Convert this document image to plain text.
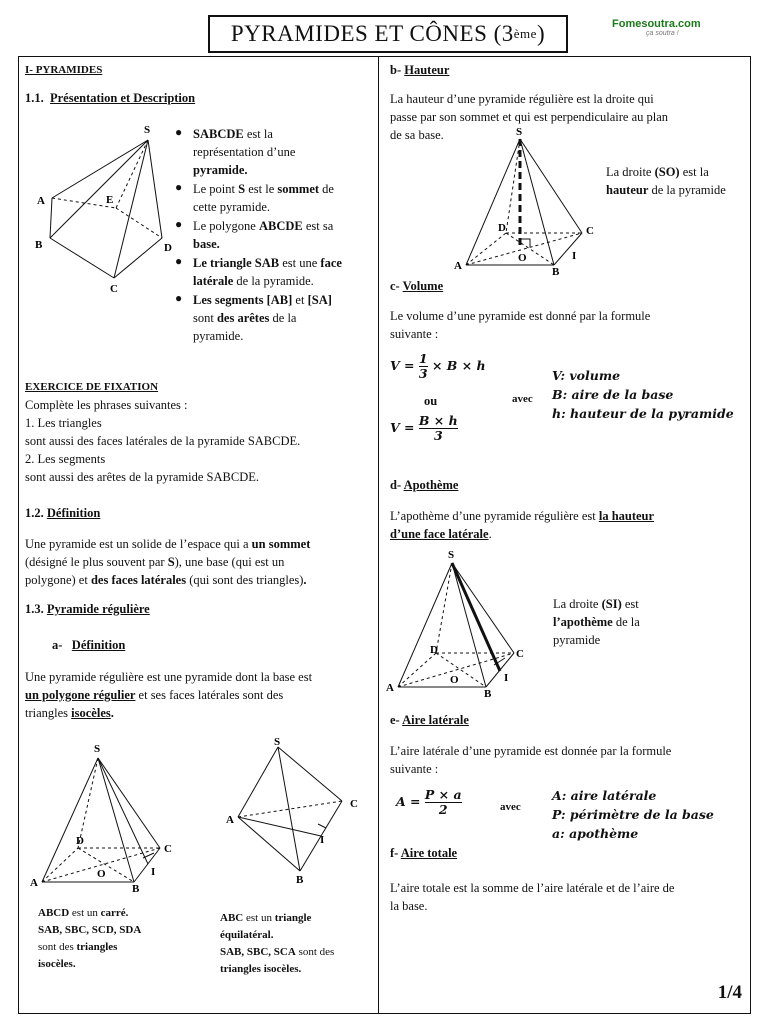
PYRAMIDES ET CÔNES (3 ème )	Fomesoutra.com
ça soutra !
I- PYRAMIDES
1.1. Présentation et Description
S
A
B
C
D
E
● SABCDE est la
représentation d’une
pyramide.
● Le point S est le sommet de
cette pyramide.
● Le polygone ABCDE est sa
base.
● Le triangle SAB est une face
latérale de la pyramide.
● Les segments [AB] et [SA]
sont des arêtes de la
pyramide.
EXERCICE DE FIXATION
Complète les phrases suivantes :
1. Les triangles
sont aussi des faces latérales de la pyramide SABCDE.
2. Les segments
sont aussi des arêtes de la pyramide SABCDE.
1.2. Définition
Une pyramide est un solide de l’espace qui a un sommet
(désigné le plus souvent par S), une base (qui est un
polygone) et des faces latérales (qui sont des triangles).
1.3. Pyramide régulière
a- Définition
Une pyramide régulière est une pyramide dont la base est
un polygone régulier et ses faces latérales sont des
triangles isocèles.
S
A	B
C
D
O	I
S
A
B
C
I
ABCD est un carré.
SAB, SBC, SCD, SDA
sont des triangles
isocèles.
ABC est un triangle
équilatéral.
SAB, SBC, SCA sont des
triangles isocèles.
b- Hauteur
La hauteur d’une pyramide régulière est la droite qui
passe par son sommet et qui est perpendiculaire au plan
de sa base.	S
A	B
C
D
O	I
La droite (SO) est la
hauteur de la pyramide
c- Volume
Le volume d’une pyramide est donné par la formule
suivante :
$V = \frac{1}{3} \times B \times h$
ou
$V = \frac{B \times h}{3}$
avec
V: volume
B: aire de la base
h: hauteur de la pyramide
d- Apothème
L’apothème d’une pyramide régulière est la hauteur
d’une face latérale.
S
A	B
C
D
O	I
La droite (SI) est
l’apothème de la
pyramide
e- Aire latérale
L’aire latérale d’une pyramide est donnée par la formule
suivante :
$A = \frac{P \times a}{2}$	avec
A: aire latérale
P: périmètre de la base
a: apothème
f- Aire totale
L’aire totale est la somme de l’aire latérale et de l’aire de
la base.
1/4
